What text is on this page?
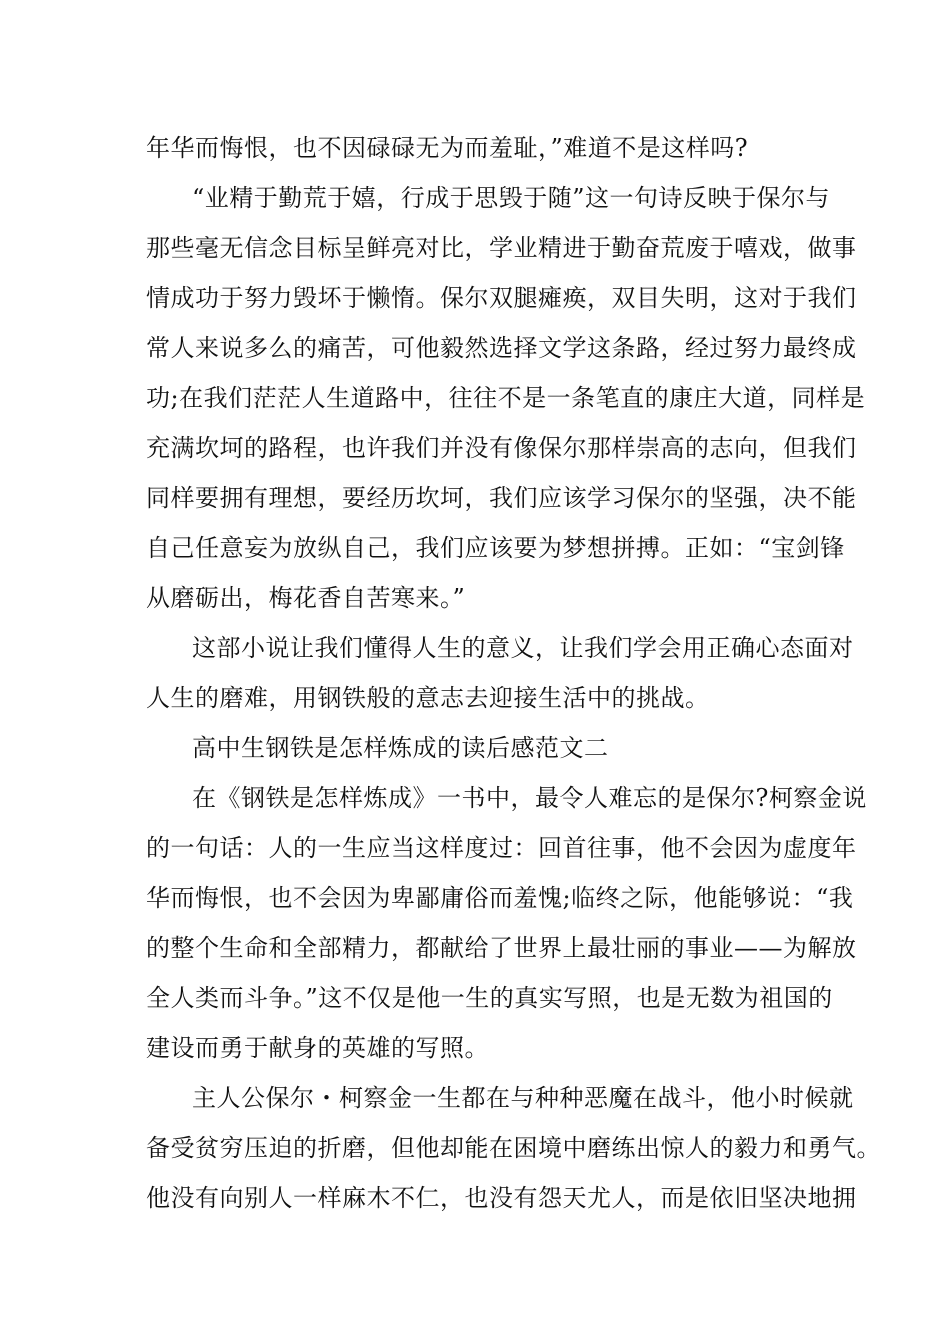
年华而悔恨，也不因碌碌无为而羞耻，”难道不是这样吗?

“业精于勤荒于嬉，行成于思毁于随”这一句诗反映于保尔与

那些毫无信念目标呈鲜亮对比，学业精进于勤奋荒废于嘻戏，做事

情成功于努力毁坏于懒惰。保尔双腿瘫痪，双目失明，这对于我们

常人来说多么的痛苦，可他毅然选择文学这条路，经过努力最终成

功;在我们茫茫人生道路中，往往不是一条笔直的康庄大道，同样是

充满坎坷的路程，也许我们并没有像保尔那样崇高的志向，但我们

同样要拥有理想，要经历坎坷，我们应该学习保尔的坚强，决不能

自己任意妄为放纵自己，我们应该要为梦想拼搏。正如：“宝剑锋

从磨砺出，梅花香自苦寒来。”

这部小说让我们懂得人生的意义，让我们学会用正确心态面对

人生的磨难，用钢铁般的意志去迎接生活中的挑战。

高中生钢铁是怎样炼成的读后感范文二

在《钢铁是怎样炼成》一书中，最令人难忘的是保尔?柯察金说

的一句话：人的一生应当这样度过：回首往事，他不会因为虚度年

华而悔恨，也不会因为卑鄙庸俗而羞愧;临终之际，他能够说：“我

的整个生命和全部精力，都献给了世界上最壮丽的事业——为解放

全人类而斗争。”这不仅是他一生的真实写照，也是无数为祖国的

建设而勇于献身的英雄的写照。

主人公保尔・柯察金一生都在与种种恶魔在战斗，他小时候就

备受贫穷压迫的折磨，但他却能在困境中磨练出惊人的毅力和勇气。

他没有向别人一样麻木不仁，也没有怨天尤人，而是依旧坚决地拥
